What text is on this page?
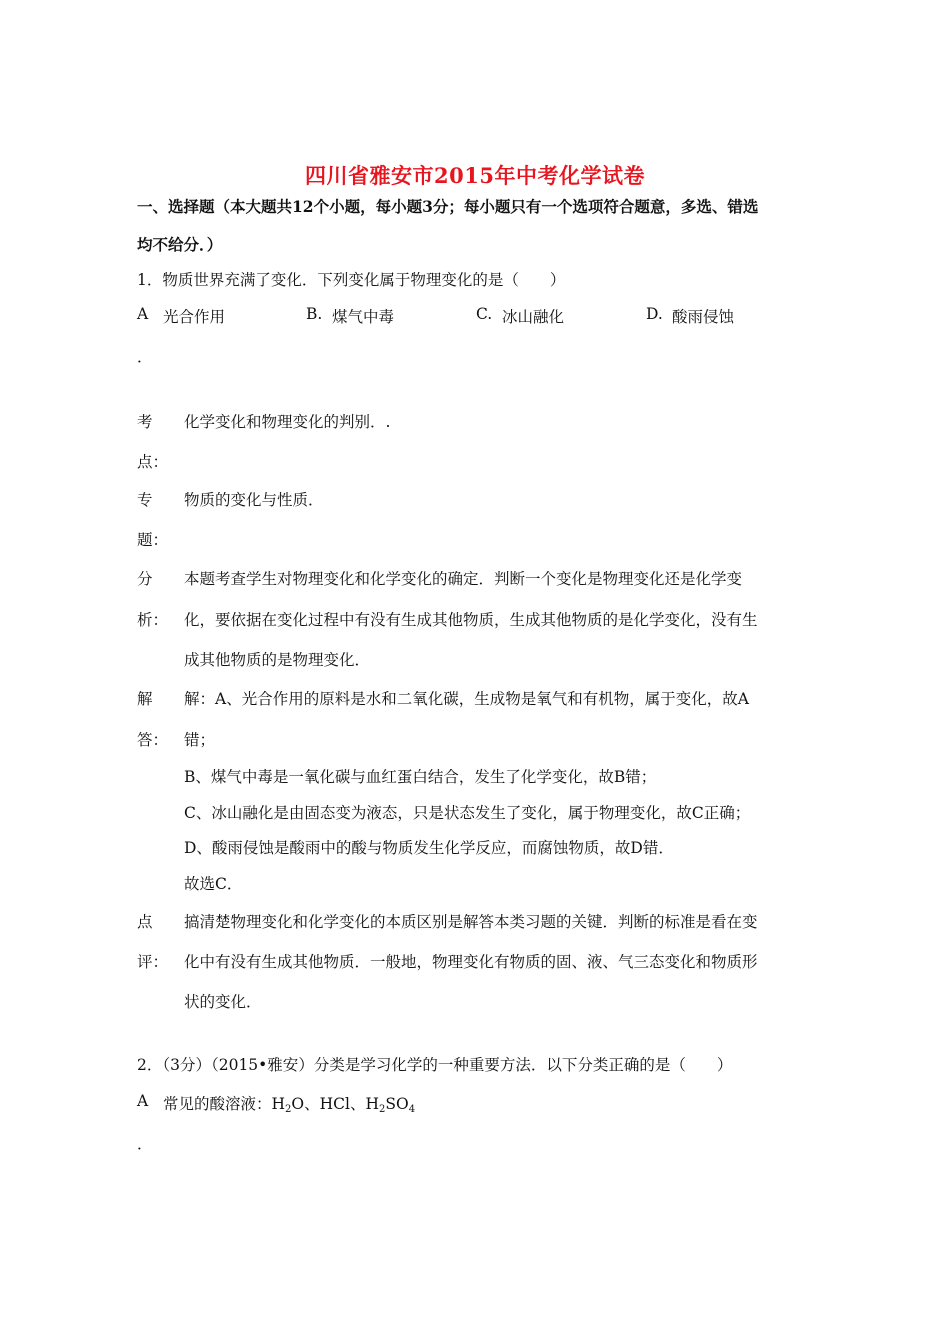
四川省雅安市2015年中考化学试卷
一、选择题（本大题共12个小题，每小题3分；每小题只有一个选项符合题意，多选、错选
均不给分．）
1．物质世界充满了变化．下列变化属于物理变化的是（　　）
A 光合作用	B. 煤气中毒	C. 冰山融化	D. 酸雨侵蚀
．
考
点：
化学变化和物理变化的判别．.
专
题：
物质的变化与性质．
分
析：
本题考查学生对物理变化和化学变化的确定．判断一个变化是物理变化还是化学变
化，要依据在变化过程中有没有生成其他物质，生成其他物质的是化学变化，没有生
成其他物质的是物理变化．
解
答：
解：A、光合作用的原料是水和二氧化碳，生成物是氧气和有机物，属于变化，故A
错；
B、煤气中毒是一氧化碳与血红蛋白结合，发生了化学变化，故B错；
C、冰山融化是由固态变为液态，只是状态发生了变化，属于物理变化，故C正确；
D、酸雨侵蚀是酸雨中的酸与物质发生化学反应，而腐蚀物质，故D错．
故选C．
点
评：
搞清楚物理变化和化学变化的本质区别是解答本类习题的关键．判断的标准是看在变
化中有没有生成其他物质．一般地，物理变化有物质的固、液、气三态变化和物质形
状的变化．
2．（3分）（2015•雅安）分类是学习化学的一种重要方法．以下分类正确的是（　　）
A 常见的酸溶液：$H_2O$、HCl、$H_2SO_4$
．
